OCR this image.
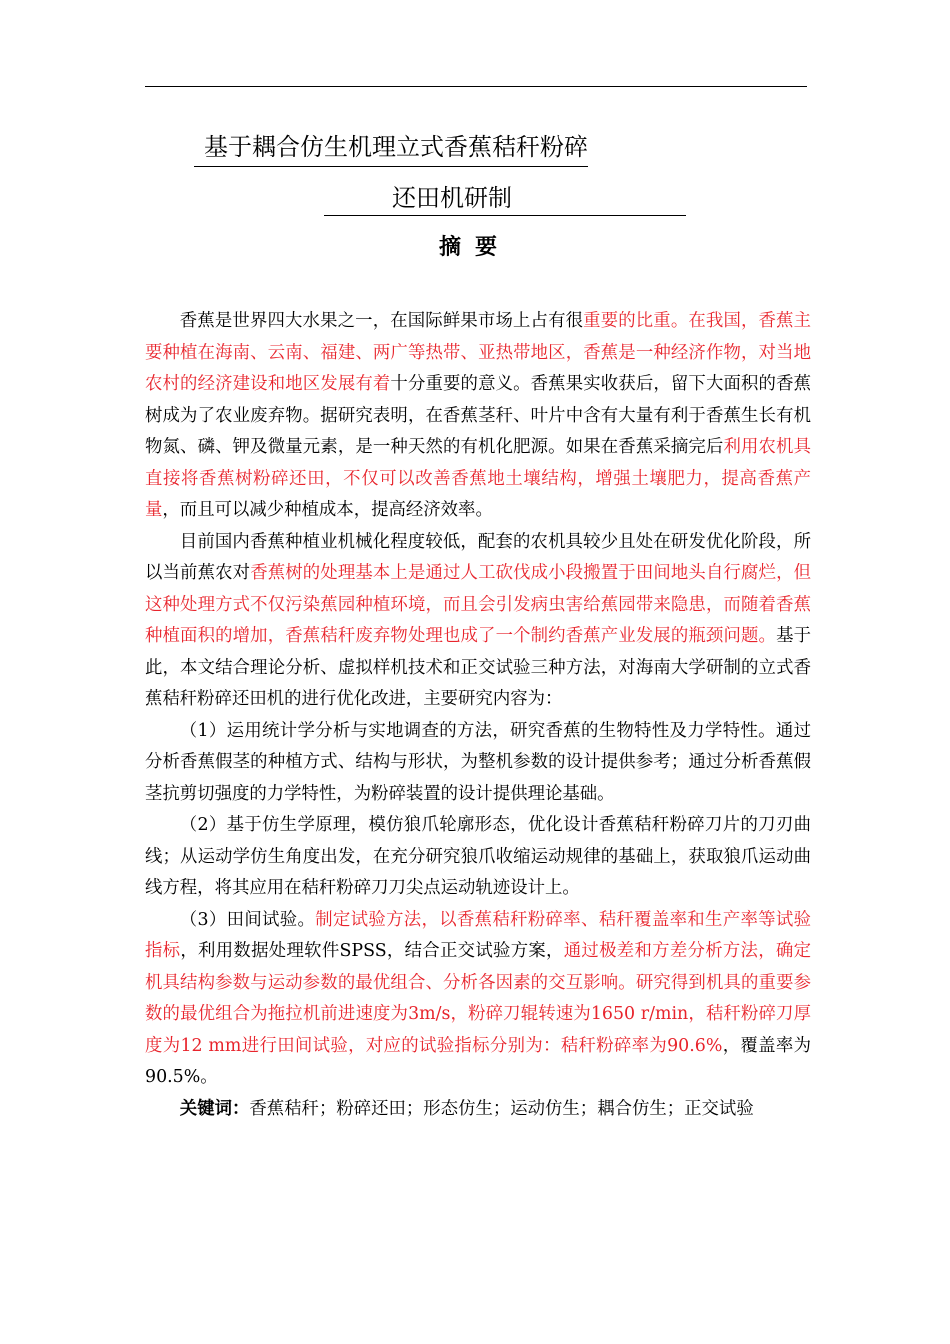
基于耦合仿生机理立式香蕉秸秆粉碎
还田机研制
摘要

香蕉是世界四大水果之一，在国际鲜果市场上占有很重要的比重。在我国，香蕉主要种植在海南、云南、福建、两广等热带、亚热带地区，香蕉是一种经济作物，对当地农村的经济建设和地区发展有着十分重要的意义。香蕉果实收获后，留下大面积的香蕉树成为了农业废弃物。据研究表明，在香蕉茎秆、叶片中含有大量有利于香蕉生长有机物氮、磷、钾及微量元素，是一种天然的有机化肥源。如果在香蕉采摘完后利用农机具直接将香蕉树粉碎还田，不仅可以改善香蕉地土壤结构，增强土壤肥力，提高香蕉产量，而且可以减少种植成本，提高经济效率。

目前国内香蕉种植业机械化程度较低，配套的农机具较少且处在研发优化阶段，所以当前蕉农对香蕉树的处理基本上是通过人工砍伐成小段搬置于田间地头自行腐烂，但这种处理方式不仅污染蕉园种植环境，而且会引发病虫害给蕉园带来隐患，而随着香蕉种植面积的增加，香蕉秸秆废弃物处理也成了一个制约香蕉产业发展的瓶颈问题。基于此，本文结合理论分析、虚拟样机技术和正交试验三种方法，对海南大学研制的立式香蕉秸秆粉碎还田机的进行优化改进，主要研究内容为：

（1）运用统计学分析与实地调查的方法，研究香蕉的生物特性及力学特性。通过分析香蕉假茎的种植方式、结构与形状，为整机参数的设计提供参考；通过分析香蕉假茎抗剪切强度的力学特性，为粉碎装置的设计提供理论基础。

（2）基于仿生学原理，模仿狼爪轮廓形态，优化设计香蕉秸秆粉碎刀片的刀刃曲线；从运动学仿生角度出发，在充分研究狼爪收缩运动规律的基础上，获取狼爪运动曲线方程，将其应用在秸秆粉碎刀刀尖点运动轨迹设计上。

（3）田间试验。制定试验方法，以香蕉秸秆粉碎率、秸秆覆盖率和生产率等试验指标，利用数据处理软件SPSS，结合正交试验方案，通过极差和方差分析方法，确定机具结构参数与运动参数的最优组合、分析各因素的交互影响。研究得到机具的重要参数的最优组合为拖拉机前进速度为3m/s，粉碎刀辊转速为1650 r/min，秸秆粉碎刀厚度为12 mm进行田间试验，对应的试验指标分别为：秸秆粉碎率为90.6%，覆盖率为90.5%。

关键词：香蕉秸秆；粉碎还田；形态仿生；运动仿生；耦合仿生；正交试验
